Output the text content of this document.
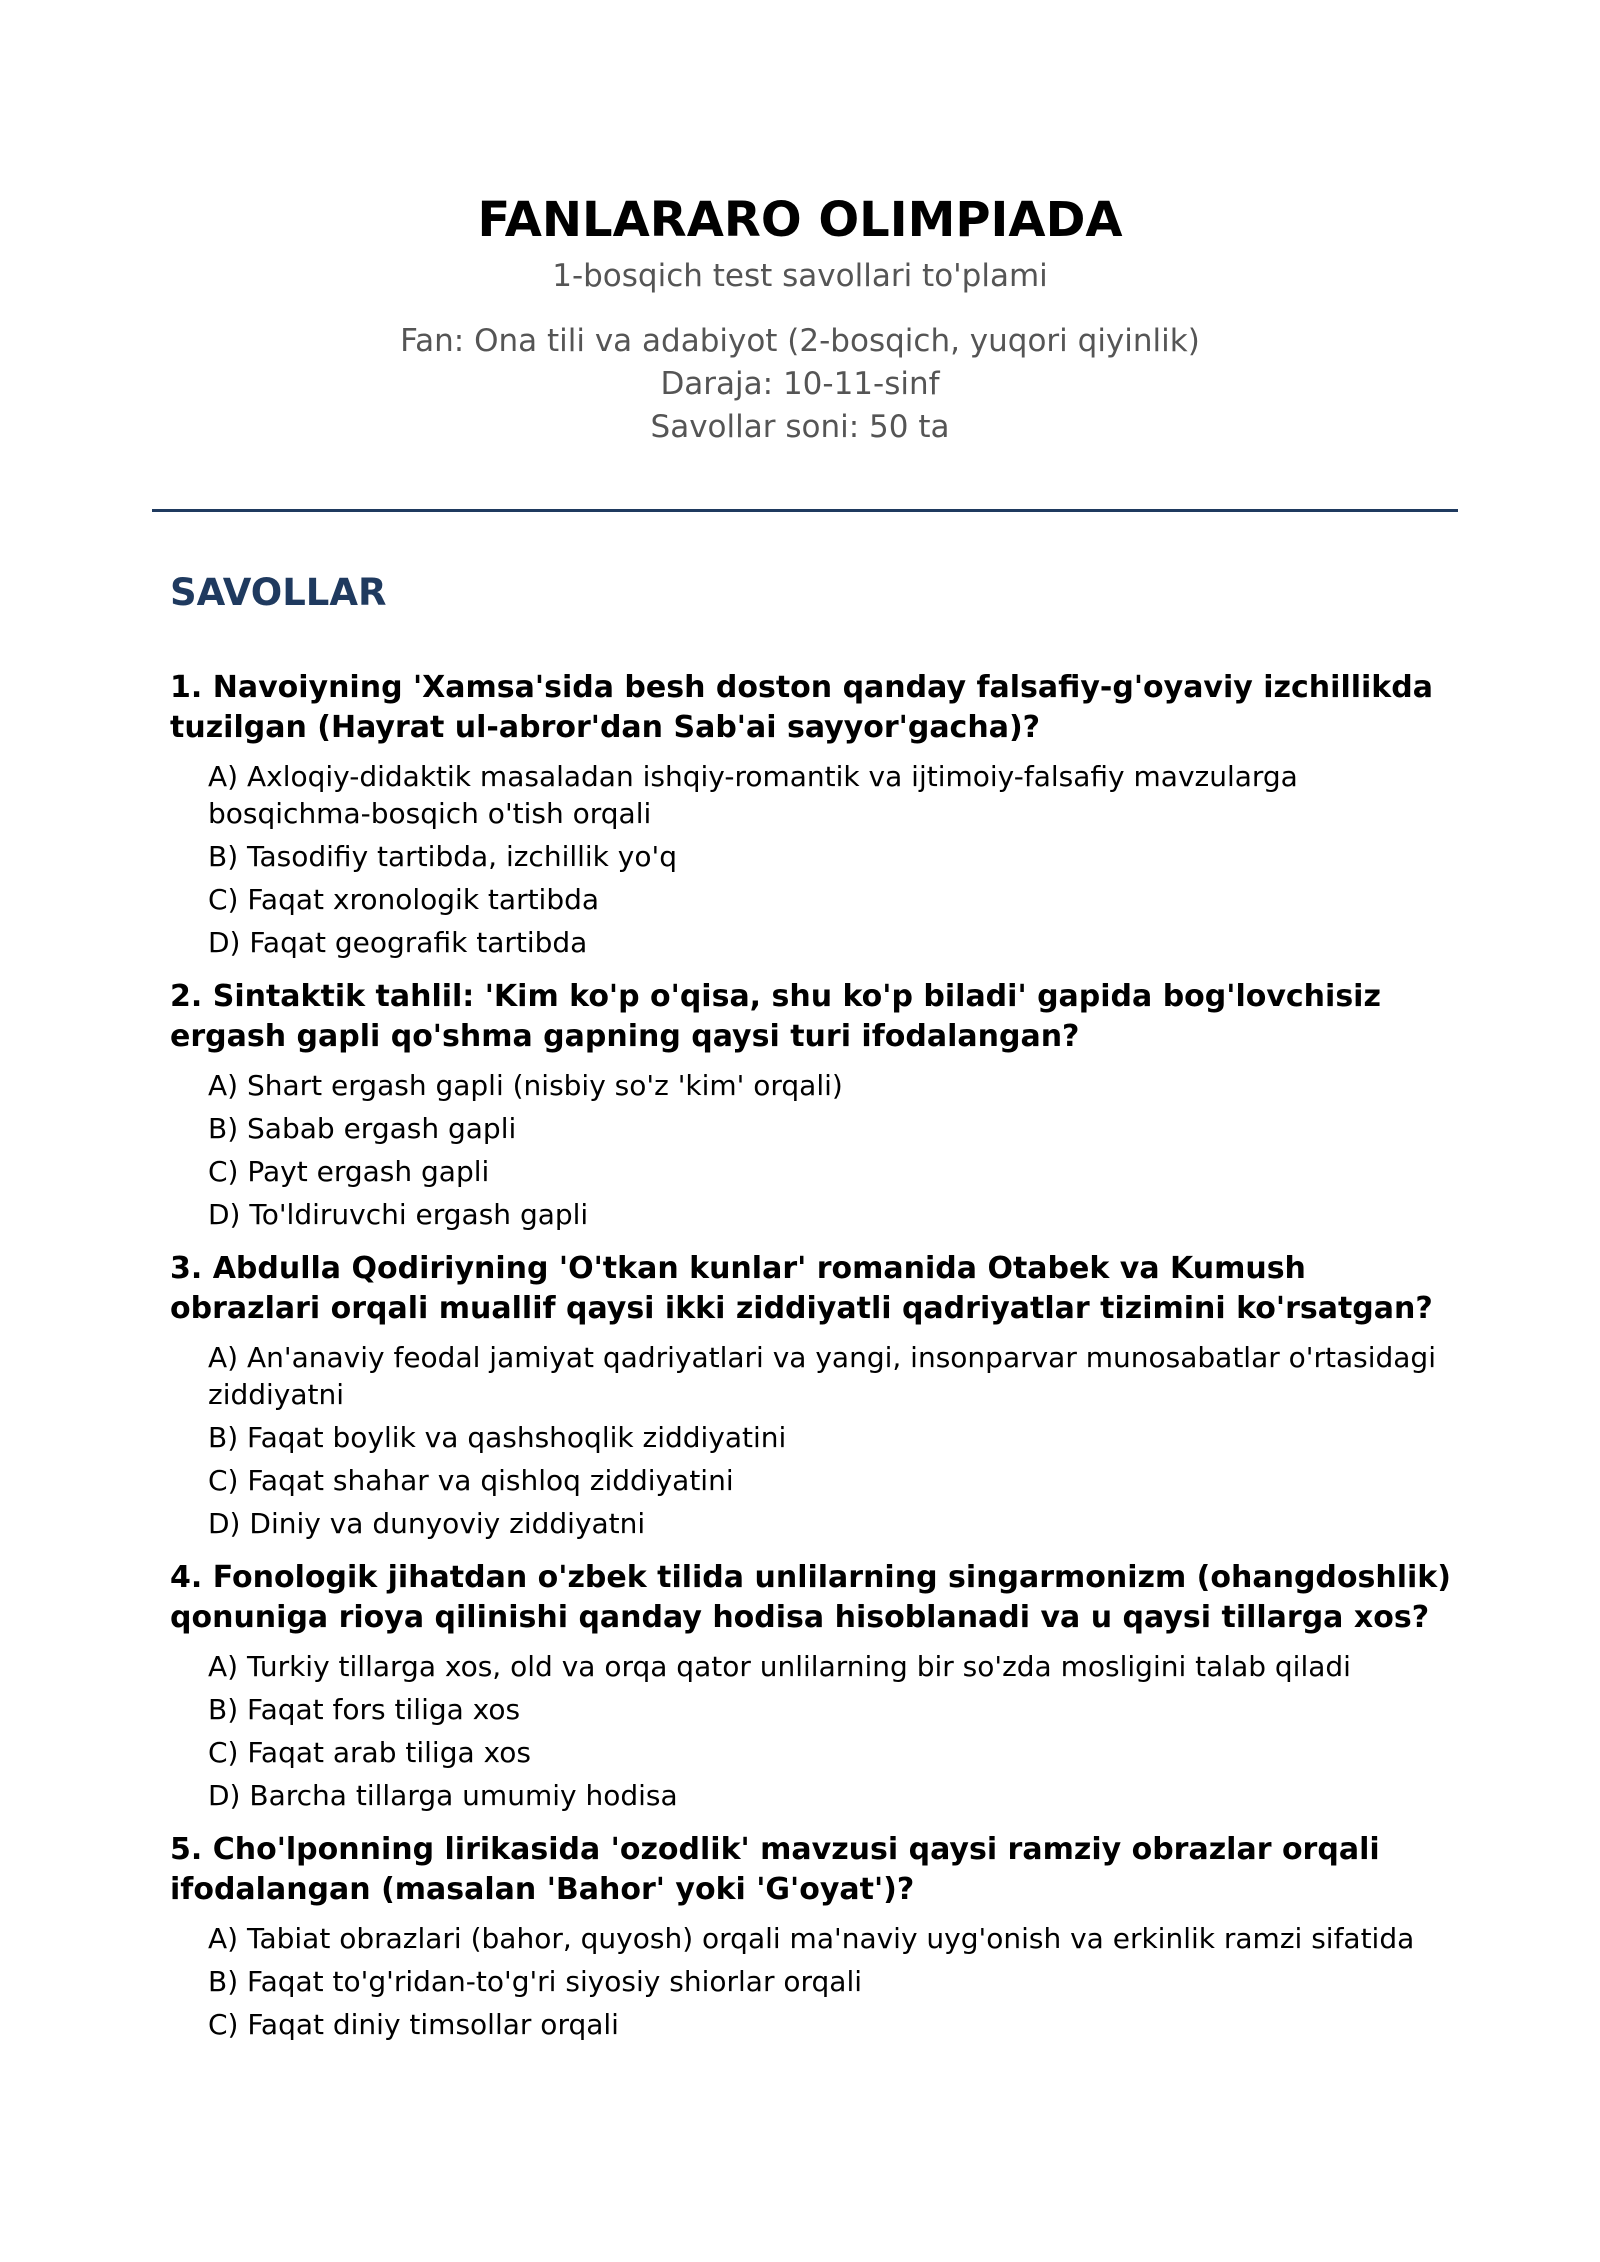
FANLARARO OLIMPIADA
1-bosqich test savollari to'plami
Fan: Ona tili va adabiyot (2-bosqich, yuqori qiyinlik)
Daraja: 10-11-sinf
Savollar soni: 50 ta
SAVOLLAR

1. Navoiyning 'Xamsa'sida besh doston qanday falsafiy-g'oyaviy izchillikda tuzilgan (Hayrat ul-abror'dan Sab'ai sayyor'gacha)?

A) Axloqiy-didaktik masaladan ishqiy-romantik va ijtimoiy-falsafiy mavzularga bosqichma-bosqich o'tish orqali
B) Tasodifiy tartibda, izchillik yo'q
C) Faqat xronologik tartibda
D) Faqat geografik tartibda

2. Sintaktik tahlil: 'Kim ko'p o'qisa, shu ko'p biladi' gapida bog'lovchisiz ergash gapli qo'shma gapning qaysi turi ifodalangan?

A) Shart ergash gapli (nisbiy so'z 'kim' orqali)
B) Sabab ergash gapli
C) Payt ergash gapli
D) To'ldiruvchi ergash gapli

3. Abdulla Qodiriyning 'O'tkan kunlar' romanida Otabek va Kumush obrazlari orqali muallif qaysi ikki ziddiyatli qadriyatlar tizimini ko'rsatgan?

A) An'anaviy feodal jamiyat qadriyatlari va yangi, insonparvar munosabatlar o'rtasidagi ziddiyatni
B) Faqat boylik va qashshoqlik ziddiyatini
C) Faqat shahar va qishloq ziddiyatini
D) Diniy va dunyoviy ziddiyatni

4. Fonologik jihatdan o'zbek tilida unlilarning singarmonizm (ohangdoshlik) qonuniga rioya qilinishi qanday hodisa hisoblanadi va u qaysi tillarga xos?

A) Turkiy tillarga xos, old va orqa qator unlilarning bir so'zda mosligini talab qiladi
B) Faqat fors tiliga xos
C) Faqat arab tiliga xos
D) Barcha tillarga umumiy hodisa

5. Cho'lponning lirikasida 'ozodlik' mavzusi qaysi ramziy obrazlar orqali ifodalangan (masalan 'Bahor' yoki 'G'oyat')?

A) Tabiat obrazlari (bahor, quyosh) orqali ma'naviy uyg'onish va erkinlik ramzi sifatida
B) Faqat to'g'ridan-to'g'ri siyosiy shiorlar orqali
C) Faqat diniy timsollar orqali
